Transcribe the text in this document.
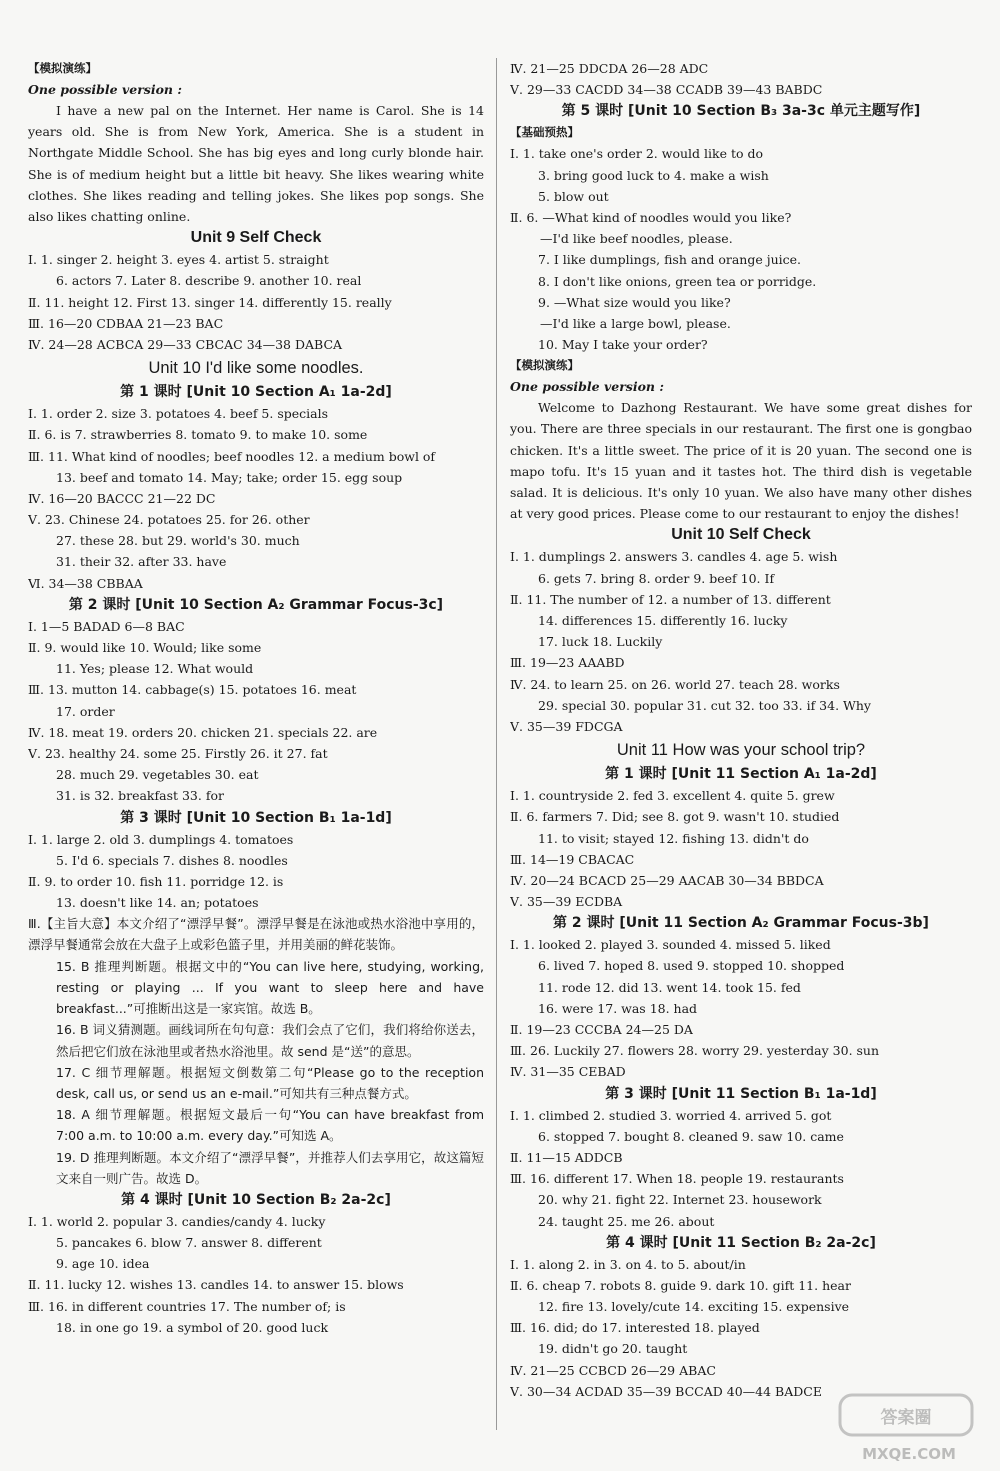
【模拟演练】
One possible version :
I have a new pal on the Internet. Her name is Carol. She is 14 years old. She is from New York, America. She is a student in Northgate Middle School. She has big eyes and long curly blonde hair. She is of medium height but a little bit heavy. She likes wearing white clothes. She likes reading and telling jokes. She likes pop songs. She also likes chatting online.
Unit 9 Self Check
Ⅰ. 1. singer 2. height 3. eyes 4. artist 5. straight
6. actors 7. Later 8. describe 9. another 10. real
Ⅱ. 11. height 12. First 13. singer 14. differently 15. really
Ⅲ. 16—20 CDBAA 21—23 BAC
Ⅳ. 24—28 ACBCA 29—33 CBCAC 34—38 DABCA
Unit 10 I'd like some noodles.
第 1 课时 [Unit 10 Section A₁ 1a-2d]
Ⅰ. 1. order 2. size 3. potatoes 4. beef 5. specials
Ⅱ. 6. is 7. strawberries 8. tomato 9. to make 10. some
Ⅲ. 11. What kind of noodles; beef noodles 12. a medium bowl of
13. beef and tomato 14. May; take; order 15. egg soup
Ⅳ. 16—20 BACCC 21—22 DC
Ⅴ. 23. Chinese 24. potatoes 25. for 26. other
27. these 28. but 29. world's 30. much
31. their 32. after 33. have
Ⅵ. 34—38 CBBAA
第 2 课时 [Unit 10 Section A₂ Grammar Focus-3c]
Ⅰ. 1—5 BADAD 6—8 BAC
Ⅱ. 9. would like 10. Would; like some
11. Yes; please 12. What would
Ⅲ. 13. mutton 14. cabbage(s) 15. potatoes 16. meat
17. order
Ⅳ. 18. meat 19. orders 20. chicken 21. specials 22. are
Ⅴ. 23. healthy 24. some 25. Firstly 26. it 27. fat
28. much 29. vegetables 30. eat
31. is 32. breakfast 33. for
第 3 课时 [Unit 10 Section B₁ 1a-1d]
Ⅰ. 1. large 2. old 3. dumplings 4. tomatoes
5. I'd 6. specials 7. dishes 8. noodles
Ⅱ. 9. to order 10. fish 11. porridge 12. is
13. doesn't like 14. an; potatoes
Ⅲ.【主旨大意】本文介绍了“漂浮早餐”。漂浮早餐是在泳池或热水浴池中享用的，漂浮早餐通常会放在大盘子上或彩色篮子里，并用美丽的鲜花装饰。
15. B 推理判断题。根据文中的“You can live here, studying, working, resting or playing ... If you want to sleep here and have breakfast...”可推断出这是一家宾馆。故选 B。
16. B 词义猜测题。画线词所在句句意：我们会点了它们，我们将给你送去，然后把它们放在泳池里或者热水浴池里。故 send 是“送”的意思。
17. C 细节理解题。根据短文倒数第二句“Please go to the reception desk, call us, or send us an e-mail.”可知共有三种点餐方式。
18. A 细节理解题。根据短文最后一句“You can have breakfast from 7:00 a.m. to 10:00 a.m. every day.”可知选 A。
19. D 推理判断题。本文介绍了“漂浮早餐”，并推荐人们去享用它，故这篇短文来自一则广告。故选 D。
第 4 课时 [Unit 10 Section B₂ 2a-2c]
Ⅰ. 1. world 2. popular 3. candies/candy 4. lucky
5. pancakes 6. blow 7. answer 8. different
9. age 10. idea
Ⅱ. 11. lucky 12. wishes 13. candles 14. to answer 15. blows
Ⅲ. 16. in different countries 17. The number of; is
18. in one go 19. a symbol of 20. good luck
Ⅳ. 21—25 DDCDA 26—28 ADC
Ⅴ. 29—33 CACDD 34—38 CCADB 39—43 BABDC
第 5 课时 [Unit 10 Section B₃ 3a-3c 单元主题写作]
【基础预热】
Ⅰ. 1. take one's order 2. would like to do
3. bring good luck to 4. make a wish
5. blow out
Ⅱ. 6. —What kind of noodles would you like?
—I'd like beef noodles, please.
7. I like dumplings, fish and orange juice.
8. I don't like onions, green tea or porridge.
9. —What size would you like?
—I'd like a large bowl, please.
10. May I take your order?
【模拟演练】
One possible version :
Welcome to Dazhong Restaurant. We have some great dishes for you. There are three specials in our restaurant. The first one is gongbao chicken. It's a little sweet. The price of it is 20 yuan. The second one is mapo tofu. It's 15 yuan and it tastes hot. The third dish is vegetable salad. It is delicious. It's only 10 yuan. We also have many other dishes at very good prices. Please come to our restaurant to enjoy the dishes!
Unit 10 Self Check
Ⅰ. 1. dumplings 2. answers 3. candles 4. age 5. wish
6. gets 7. bring 8. order 9. beef 10. If
Ⅱ. 11. The number of 12. a number of 13. different
14. differences 15. differently 16. lucky
17. luck 18. Luckily
Ⅲ. 19—23 AAABD
Ⅳ. 24. to learn 25. on 26. world 27. teach 28. works
29. special 30. popular 31. cut 32. too 33. if 34. Why
Ⅴ. 35—39 FDCGA
Unit 11 How was your school trip?
第 1 课时 [Unit 11 Section A₁ 1a-2d]
Ⅰ. 1. countryside 2. fed 3. excellent 4. quite 5. grew
Ⅱ. 6. farmers 7. Did; see 8. got 9. wasn't 10. studied
11. to visit; stayed 12. fishing 13. didn't do
Ⅲ. 14—19 CBACAC
Ⅳ. 20—24 BCACD 25—29 AACAB 30—34 BBDCA
Ⅴ. 35—39 ECDBA
第 2 课时 [Unit 11 Section A₂ Grammar Focus-3b]
Ⅰ. 1. looked 2. played 3. sounded 4. missed 5. liked
6. lived 7. hoped 8. used 9. stopped 10. shopped
11. rode 12. did 13. went 14. took 15. fed
16. were 17. was 18. had
Ⅱ. 19—23 CCCBA 24—25 DA
Ⅲ. 26. Luckily 27. flowers 28. worry 29. yesterday 30. sun
Ⅳ. 31—35 CEBAD
第 3 课时 [Unit 11 Section B₁ 1a-1d]
Ⅰ. 1. climbed 2. studied 3. worried 4. arrived 5. got
6. stopped 7. bought 8. cleaned 9. saw 10. came
Ⅱ. 11—15 ADDCB
Ⅲ. 16. different 17. When 18. people 19. restaurants
20. why 21. fight 22. Internet 23. housework
24. taught 25. me 26. about
第 4 课时 [Unit 11 Section B₂ 2a-2c]
Ⅰ. 1. along 2. in 3. on 4. to 5. about/in
Ⅱ. 6. cheap 7. robots 8. guide 9. dark 10. gift 11. hear
12. fire 13. lovely/cute 14. exciting 15. expensive
Ⅲ. 16. did; do 17. interested 18. played
19. didn't go 20. taught
Ⅳ. 21—25 CCBCD 26—29 ABAC
Ⅴ. 30—34 ACDAD 35—39 BCCAD 40—44 BADCE
答案圈
MXQE.COM
